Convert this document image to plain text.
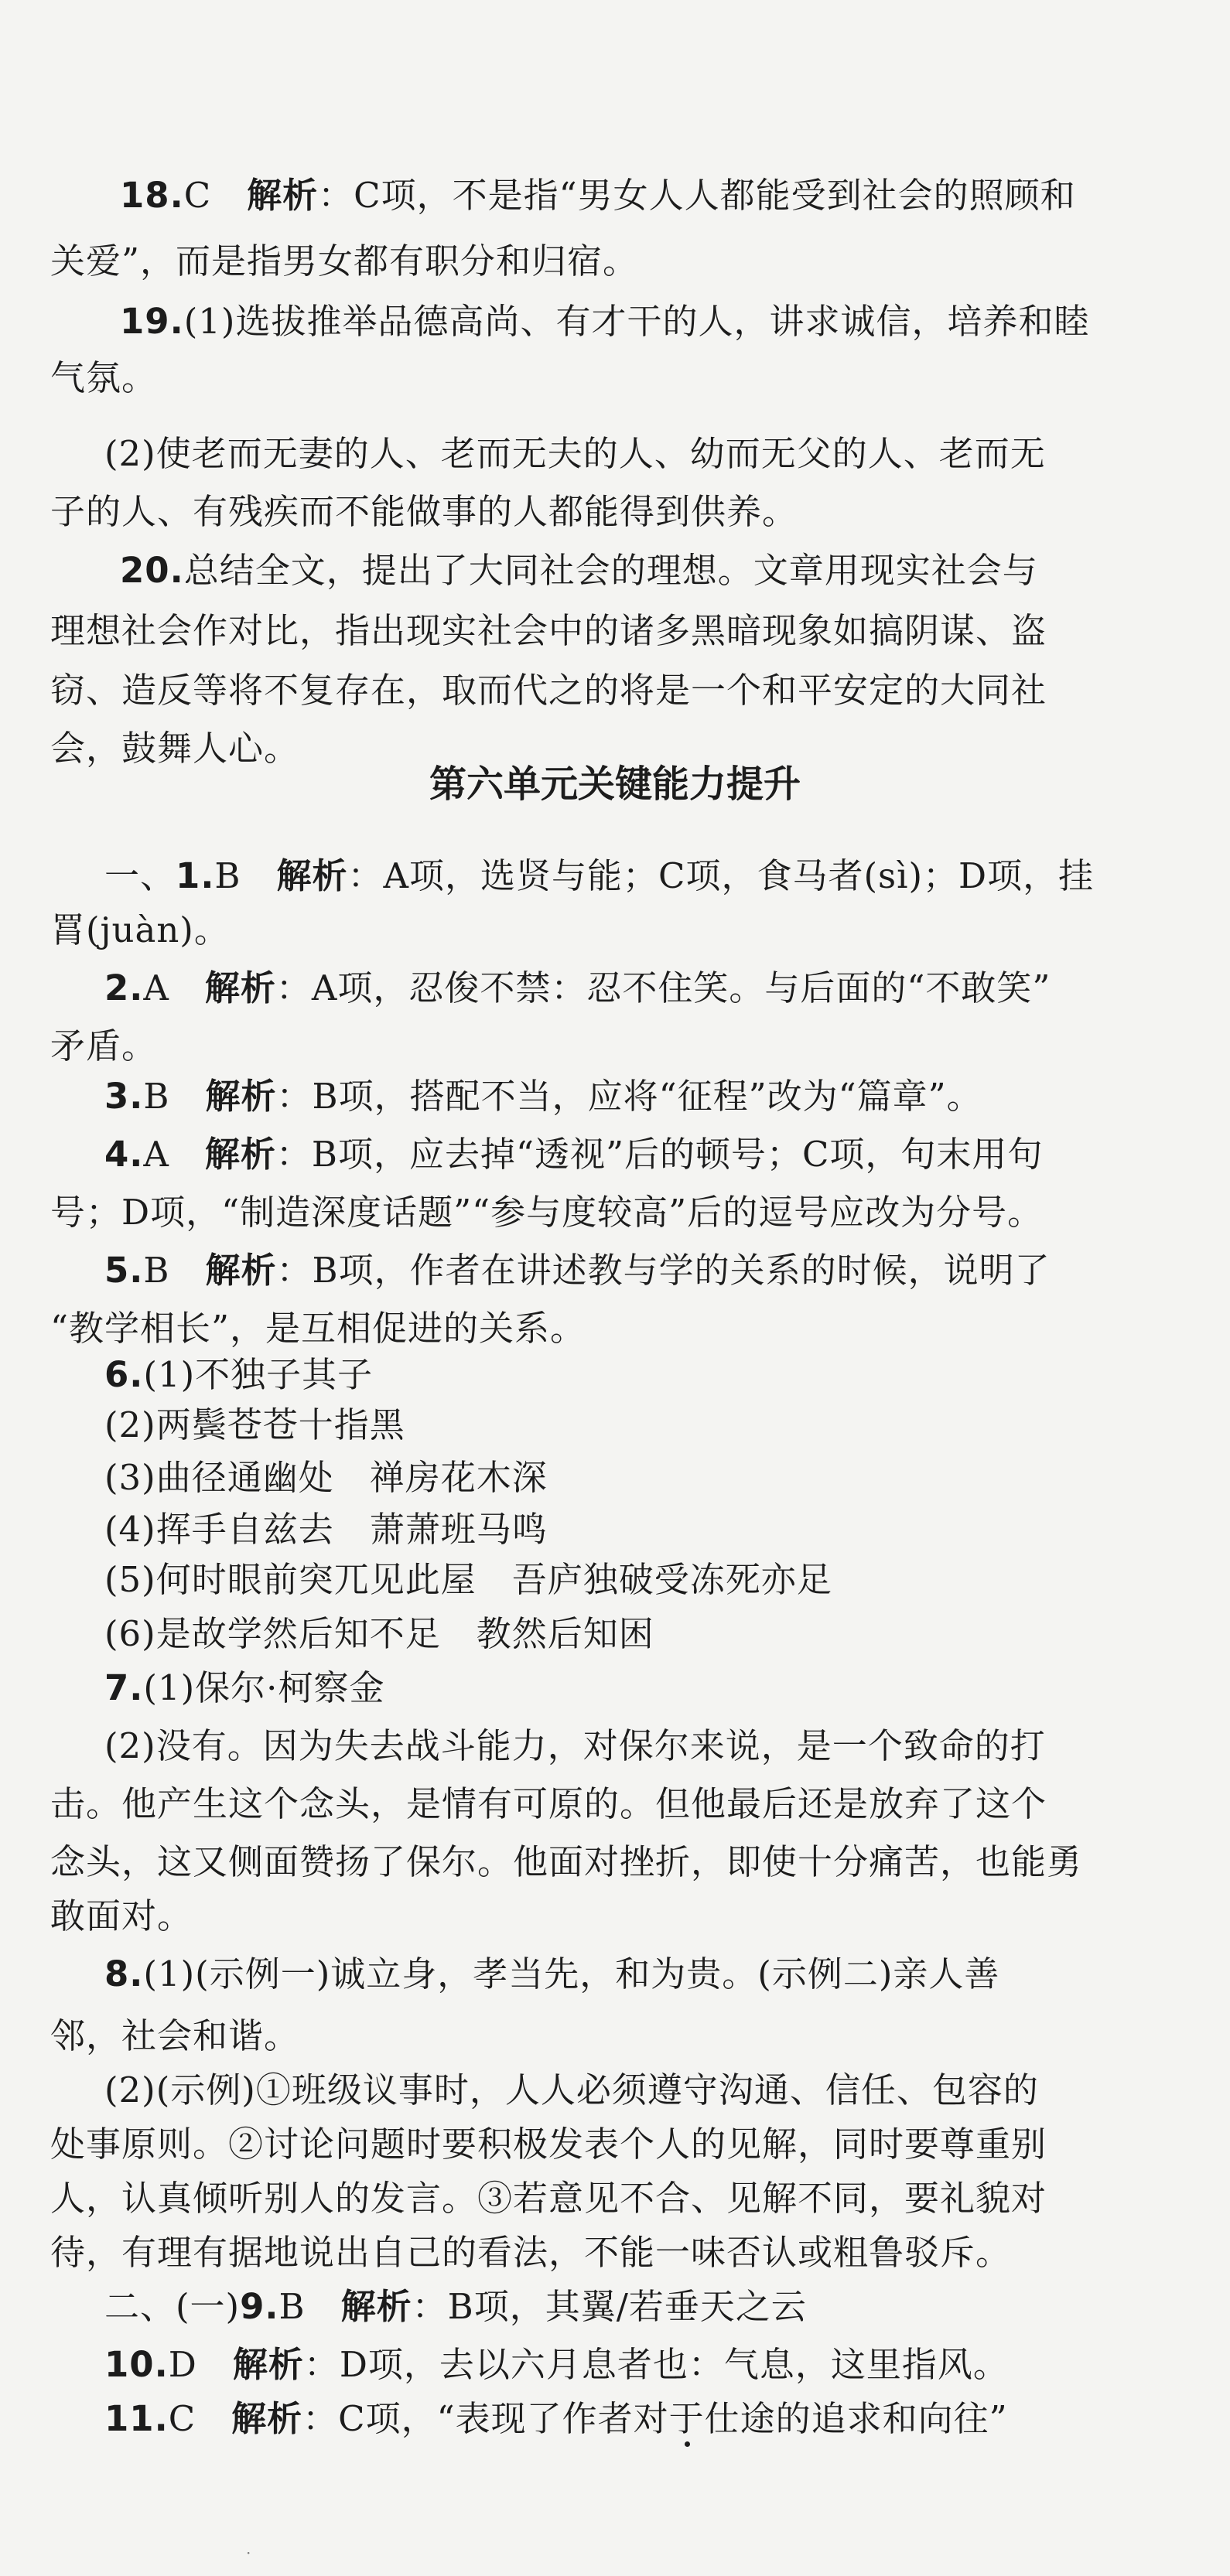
18.C　解析：C项，不是指“男女人人都能受到社会的照顾和
关爱”，而是指男女都有职分和归宿。
19.(1)选拔推举品德高尚、有才干的人，讲求诚信，培养和睦
气氛。
(2)使老而无妻的人、老而无夫的人、幼而无父的人、老而无
子的人、有残疾而不能做事的人都能得到供养。
20.总结全文，提出了大同社会的理想。文章用现实社会与
理想社会作对比，指出现实社会中的诸多黑暗现象如搞阴谋、盗
窃、造反等将不复存在，取而代之的将是一个和平安定的大同社
会，鼓舞人心。
一、1.B　解析：A项，选贤与能；C项，食马者(sì)；D项，挂
罥(juàn)。
2.A　解析：A项，忍俊不禁：忍不住笑。与后面的“不敢笑”
矛盾。
3.B　解析：B项，搭配不当，应将“征程”改为“篇章”。
4.A　解析：B项，应去掉“透视”后的顿号；C项，句末用句
号；D项，“制造深度话题”“参与度较高”后的逗号应改为分号。
5.B　解析：B项，作者在讲述教与学的关系的时候，说明了
“教学相长”，是互相促进的关系。
6.(1)不独子其子
(2)两鬓苍苍十指黑
(3)曲径通幽处　禅房花木深
(4)挥手自兹去　萧萧班马鸣
(5)何时眼前突兀见此屋　吾庐独破受冻死亦足
(6)是故学然后知不足　教然后知困
7.(1)保尔·柯察金
(2)没有。因为失去战斗能力，对保尔来说，是一个致命的打
击。他产生这个念头，是情有可原的。但他最后还是放弃了这个
念头，这又侧面赞扬了保尔。他面对挫折，即使十分痛苦，也能勇
敢面对。
8.(1)(示例一)诚立身，孝当先，和为贵。(示例二)亲人善
邻，社会和谐。
(2)(示例)①班级议事时，人人必须遵守沟通、信任、包容的
处事原则。②讨论问题时要积极发表个人的见解，同时要尊重别
人，认真倾听别人的发言。③若意见不合、见解不同，要礼貌对
待，有理有据地说出自己的看法，不能一味否认或粗鲁驳斥。
二、(一)9.B　解析：B项，其翼/若垂天之云
10.D　解析：D项，去以六月息者也：气息，这里指风。
11.C　解析：C项，“表现了作者对于仕途的追求和向往”
第六单元关键能力提升
·
